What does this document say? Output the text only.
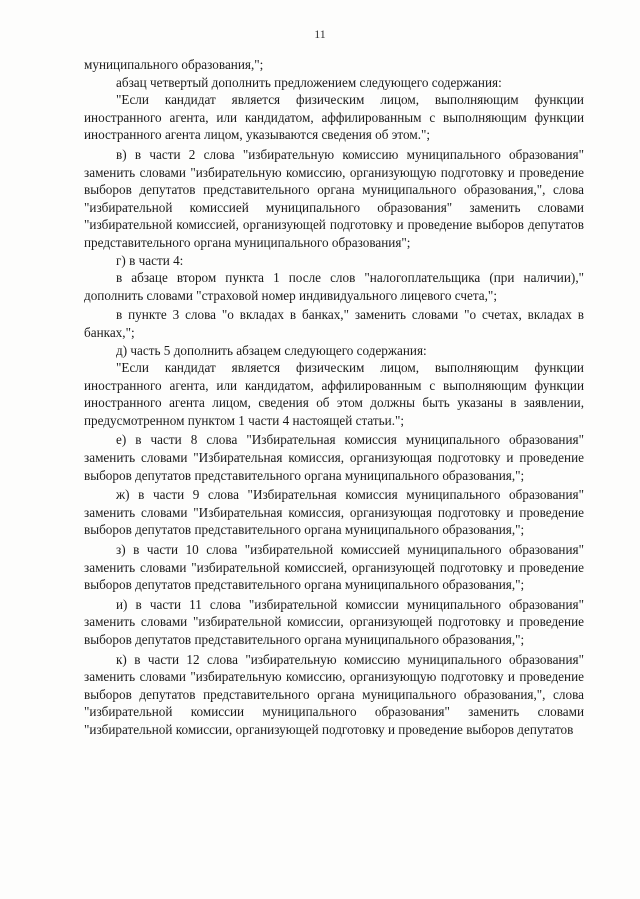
11

муниципального образования,";

абзац четвертый дополнить предложением следующего содержания:

"Если кандидат является физическим лицом, выполняющим функции иностранного агента, или кандидатом, аффилированным с выполняющим функции иностранного агента лицом, указываются сведения об этом.";

в) в части 2 слова "избирательную комиссию муниципального образования" заменить словами "избирательную комиссию, организующую подготовку и проведение выборов депутатов представительного органа муниципального образования,", слова "избирательной комиссией муниципального образования" заменить словами "избирательной комиссией, организующей подготовку и проведение выборов депутатов представительного органа муниципального образования";

г) в части 4:

в абзаце втором пункта 1 после слов "налогоплательщика (при наличии)," дополнить словами "страховой номер индивидуального лицевого счета,";

в пункте 3 слова "о вкладах в банках," заменить словами "о счетах, вкладах в банках,";

д) часть 5 дополнить абзацем следующего содержания:

"Если кандидат является физическим лицом, выполняющим функции иностранного агента, или кандидатом, аффилированным с выполняющим функции иностранного агента лицом, сведения об этом должны быть указаны в заявлении, предусмотренном пунктом 1 части 4 настоящей статьи.";

е) в части 8 слова "Избирательная комиссия муниципального образования" заменить словами "Избирательная комиссия, организующая подготовку и проведение выборов депутатов представительного органа муниципального образования,";

ж) в части 9 слова "Избирательная комиссия муниципального образования" заменить словами "Избирательная комиссия, организующая подготовку и проведение выборов депутатов представительного органа муниципального образования,";

з) в части 10 слова "избирательной комиссией муниципального образования" заменить словами "избирательной комиссией, организующей подготовку и проведение выборов депутатов представительного органа муниципального образования,";

и) в части 11 слова "избирательной комиссии муниципального образования" заменить словами "избирательной комиссии, организующей подготовку и проведение выборов депутатов представительного органа муниципального образования,";

к) в части 12 слова "избирательную комиссию муниципального образования" заменить словами "избирательную комиссию, организующую подготовку и проведение выборов депутатов представительного органа муниципального образования,", слова "избирательной комиссии муниципального образования" заменить словами "избирательной комиссии, организующей подготовку и проведение выборов депутатов
